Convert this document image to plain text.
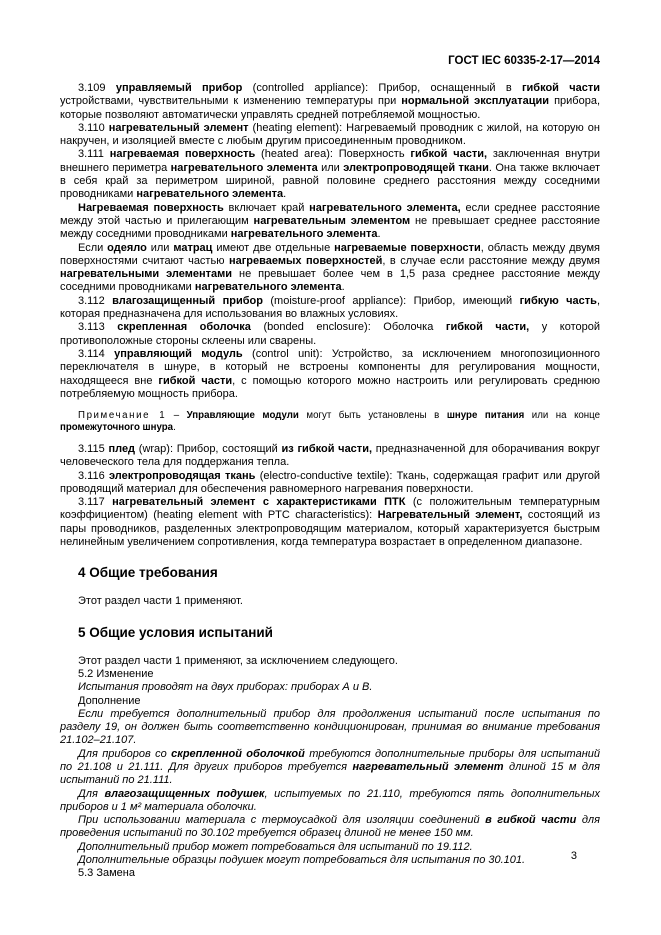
ГОСТ IEC 60335-2-17—2014

3.109 управляемый прибор (controlled appliance): Прибор, оснащенный в гибкой части устройствами, чувствительными к изменению температуры при нормальной эксплуатации прибора, которые позволяют автоматически управлять средней потребляемой мощностью.

3.110 нагревательный элемент (heating element): Нагреваемый проводник с жилой, на которую он накручен, и изоляцией вместе с любым другим присоединенным проводником.

3.111 нагреваемая поверхность (heated area): Поверхность гибкой части, заключенная внутри внешнего периметра нагревательного элемента или электропроводящей ткани. Она также включает в себя край за периметром шириной, равной половине среднего расстояния между соседними проводниками нагревательного элемента.

Нагреваемая поверхность включает край нагревательного элемента, если среднее расстояние между этой частью и прилегающим нагревательным элементом не превышает среднее расстояние между соседними проводниками нагревательного элемента.

Если одеяло или матрац имеют две отдельные нагреваемые поверхности, область между двумя поверхностями считают частью нагреваемых поверхностей, в случае если расстояние между двумя нагревательными элементами не превышает более чем в 1,5 раза среднее расстояние между соседними проводниками нагревательного элемента.

3.112 влагозащищенный прибор (moisture-proof appliance): Прибор, имеющий гибкую часть, которая предназначена для использования во влажных условиях.

3.113 скрепленная оболочка (bonded enclosure): Оболочка гибкой части, у которой противоположные стороны склеены или сварены.

3.114 управляющий модуль (control unit): Устройство, за исключением многопозиционного переключателя в шнуре, в который не встроены компоненты для регулирования мощности, находящееся вне гибкой части, с помощью которого можно настроить или регулировать среднюю потребляемую мощность прибора.

Примечание 1 – Управляющие модули могут быть установлены в шнуре питания или на конце промежуточного шнура.

3.115 плед (wrap): Прибор, состоящий из гибкой части, предназначенной для оборачивания вокруг человеческого тела для поддержания тепла.

3.116 электропроводящая ткань (electro-conductive textile): Ткань, содержащая графит или другой проводящий материал для обеспечения равномерного нагревания поверхности.

3.117 нагревательный элемент с характеристиками ПТК (с положительным температурным коэффициентом) (heating element with PTC characteristics): Нагревательный элемент, состоящий из пары проводников, разделенных электропроводящим материалом, который характеризуется быстрым нелинейным увеличением сопротивления, когда температура возрастает в определенном диапазоне.

4 Общие требования

Этот раздел части 1 применяют.

5 Общие условия испытаний

Этот раздел части 1 применяют, за исключением следующего.

5.2 Изменение

Испытания проводят на двух приборах: приборах А и В.

Дополнение

Если требуется дополнительный прибор для продолжения испытаний после испытания по разделу 19, он должен быть соответственно кондиционирован, принимая во внимание требования 21.102–21.107.

Для приборов со скрепленной оболочкой требуются дополнительные приборы для испытаний по 21.108 и 21.111. Для других приборов требуется нагревательный элемент длиной 15 м для испытаний по 21.111.

Для влагозащищенных подушек, испытуемых по 21.110, требуются пять дополнительных приборов и 1 м² материала оболочки.

При использовании материала с термоусадкой для изоляции соединений в гибкой части для проведения испытаний по 30.102 требуется образец длиной не менее 150 мм.

Дополнительный прибор может потребоваться для испытаний по 19.112.

Дополнительные образцы подушек могут потребоваться для испытания по 30.101.

5.3 Замена

3
